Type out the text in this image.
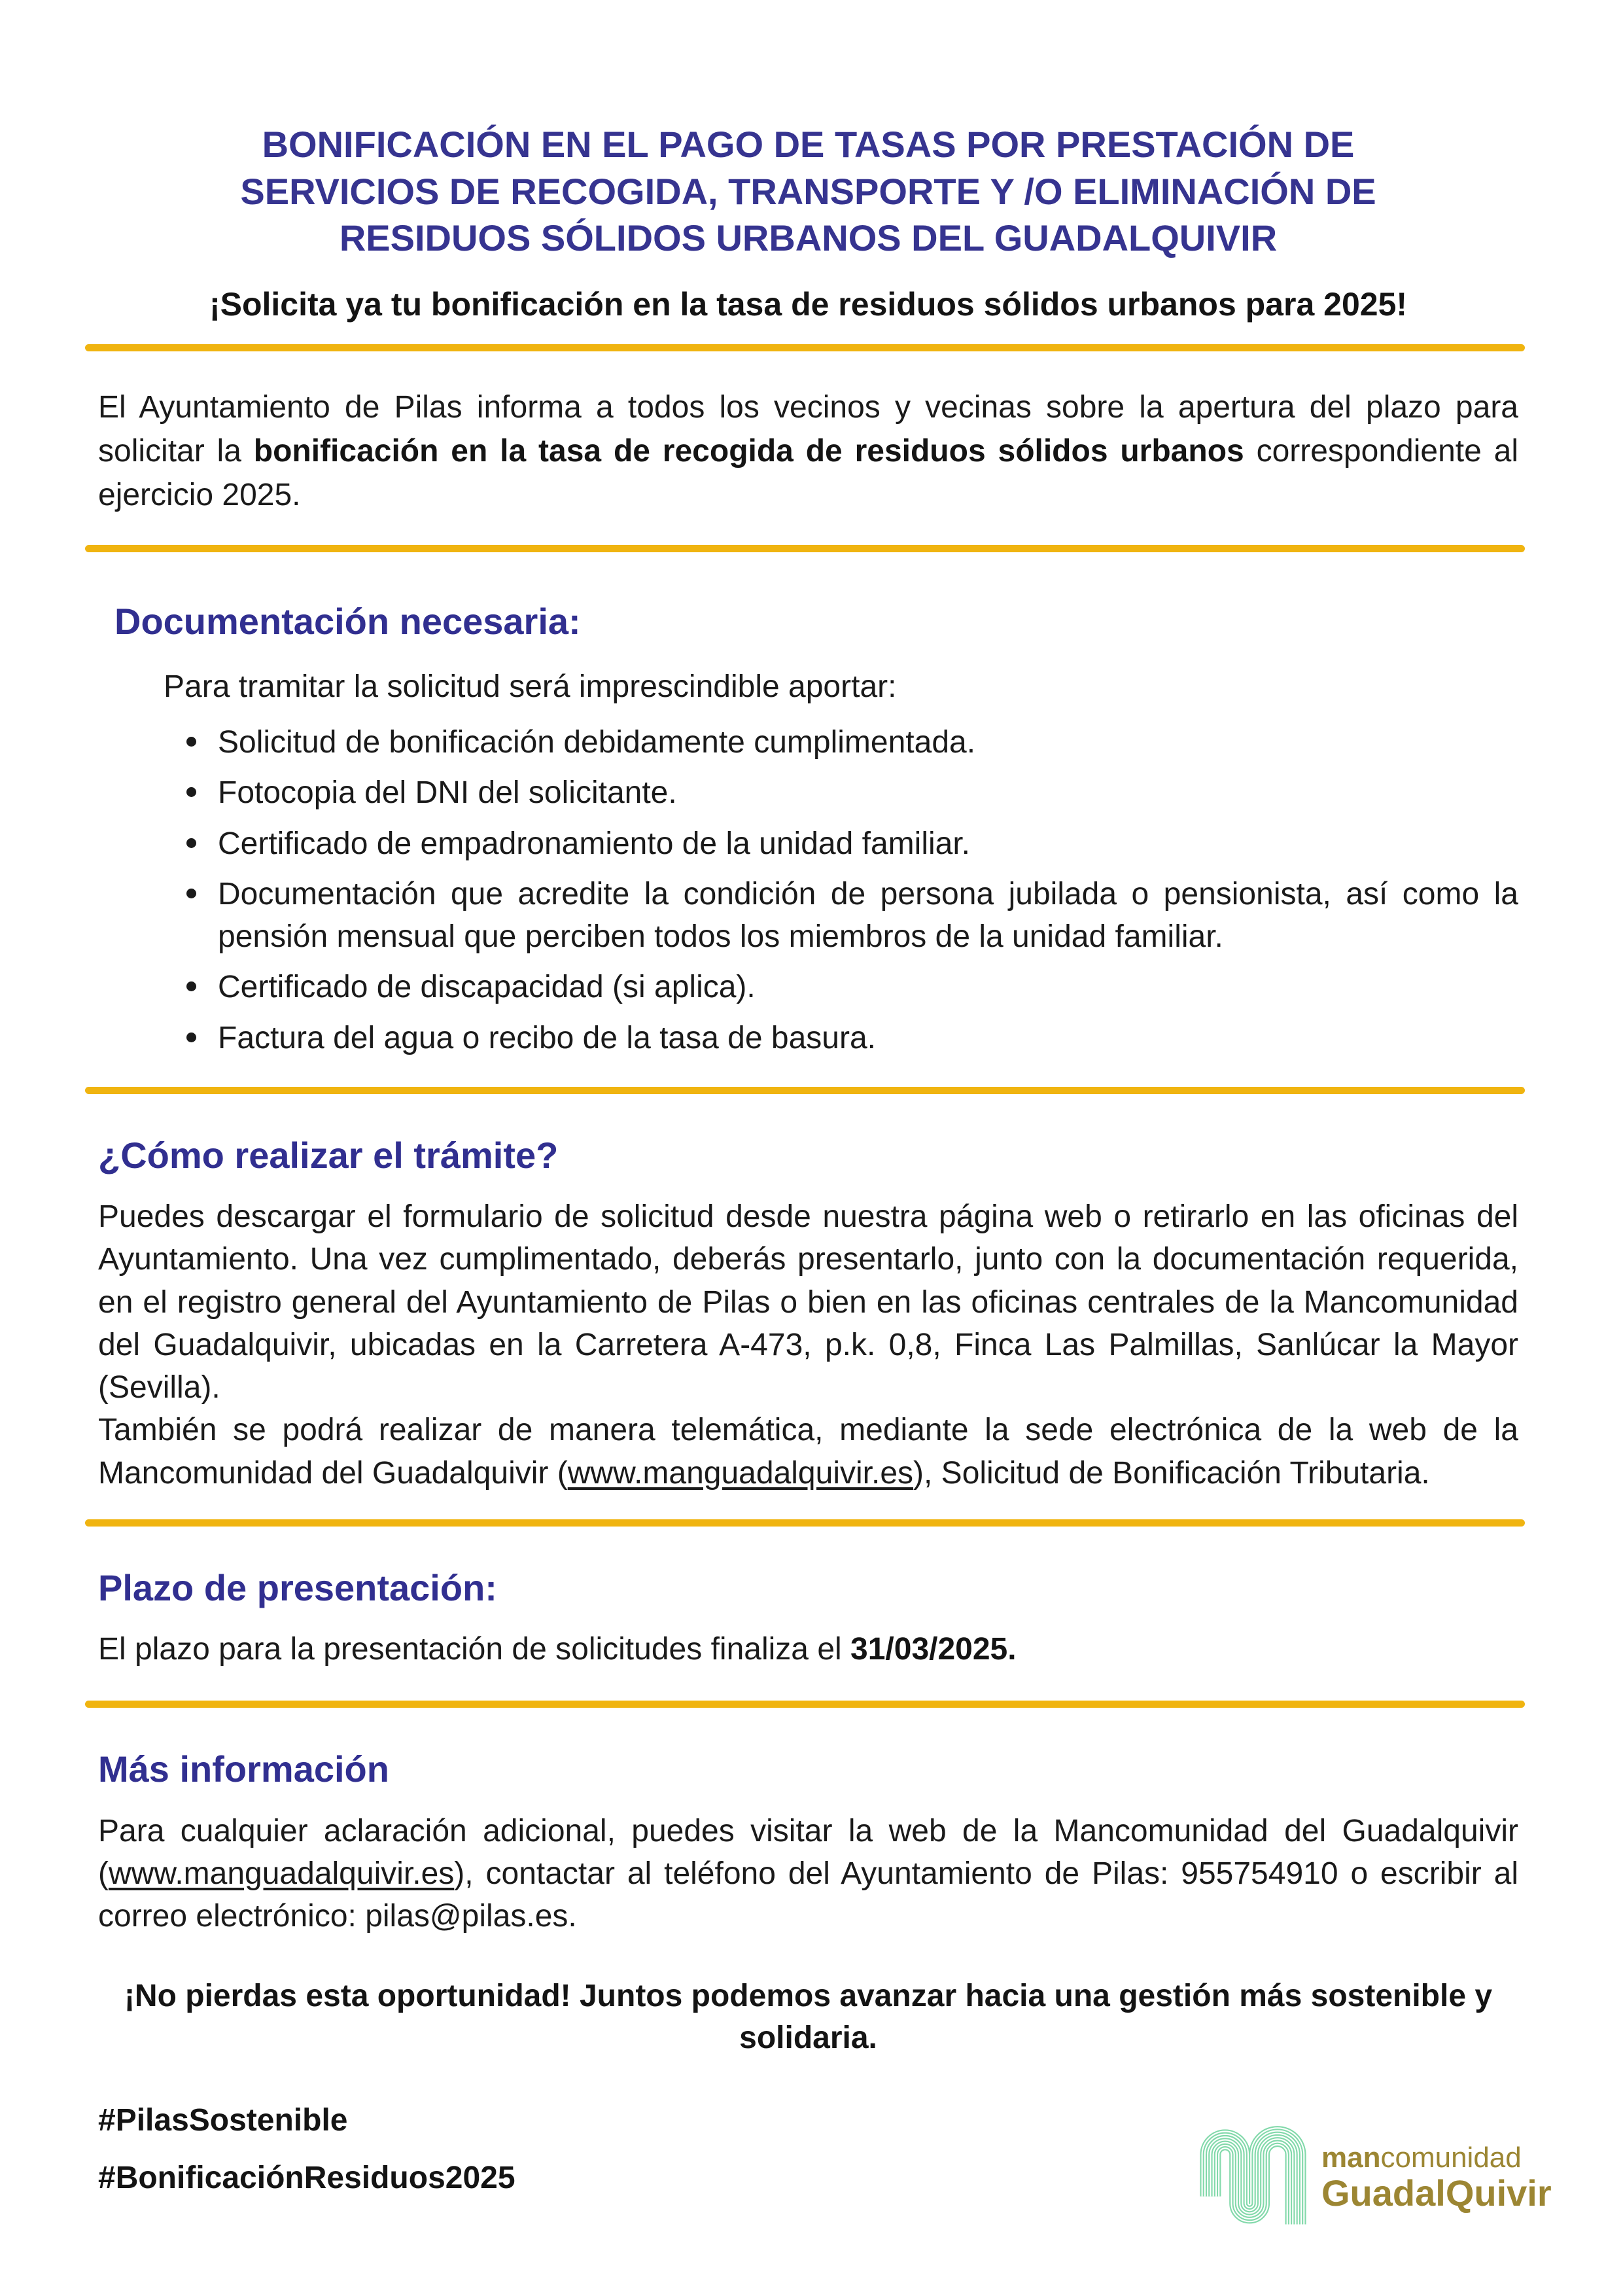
BONIFICACIÓN EN EL PAGO DE TASAS POR PRESTACIÓN DE
SERVICIOS DE RECOGIDA, TRANSPORTE Y /O ELIMINACIÓN DE
RESIDUOS SÓLIDOS URBANOS DEL GUADALQUIVIR

¡Solicita ya tu bonificación en la tasa de residuos sólidos urbanos para 2025!

El Ayuntamiento de Pilas informa a todos los vecinos y vecinas sobre la apertura del plazo para solicitar la bonificación en la tasa de recogida de residuos sólidos urbanos correspondiente al ejercicio 2025.

Documentación necesaria:

Para tramitar la solicitud será imprescindible aportar:

Solicitud de bonificación debidamente cumplimentada.
Fotocopia del DNI del solicitante.
Certificado de empadronamiento de la unidad familiar.
Documentación que acredite la condición de persona jubilada o pensionista, así como la pensión mensual que perciben todos los miembros de la unidad familiar.
Certificado de discapacidad (si aplica).
Factura del agua o recibo de la tasa de basura.
¿Cómo realizar el trámite?

Puedes descargar el formulario de solicitud desde nuestra página web o retirarlo en las oficinas del Ayuntamiento. Una vez cumplimentado, deberás presentarlo, junto con la documentación requerida, en el registro general del Ayuntamiento de Pilas o bien en las oficinas centrales de la Mancomunidad del Guadalquivir, ubicadas en la Carretera A-473, p.k. 0,8, Finca Las Palmillas, Sanlúcar la Mayor (Sevilla).

También se podrá realizar de manera telemática, mediante la sede electrónica de la web de la Mancomunidad del Guadalquivir (www.manguadalquivir.es), Solicitud de Bonificación Tributaria.

Plazo de presentación:

El plazo para la presentación de solicitudes finaliza el 31/03/2025.

Más información

Para cualquier aclaración adicional, puedes visitar la web de la Mancomunidad del Guadalquivir (www.manguadalquivir.es), contactar al teléfono del Ayuntamiento de Pilas: 955754910 o escribir al correo electrónico: pilas@pilas.es.

¡No pierdas esta oportunidad! Juntos podemos avanzar hacia una gestión más sostenible y solidaria.

#PilasSostenible
#BonificaciónResiduos2025
mancomunidad
GuadalQuivir
